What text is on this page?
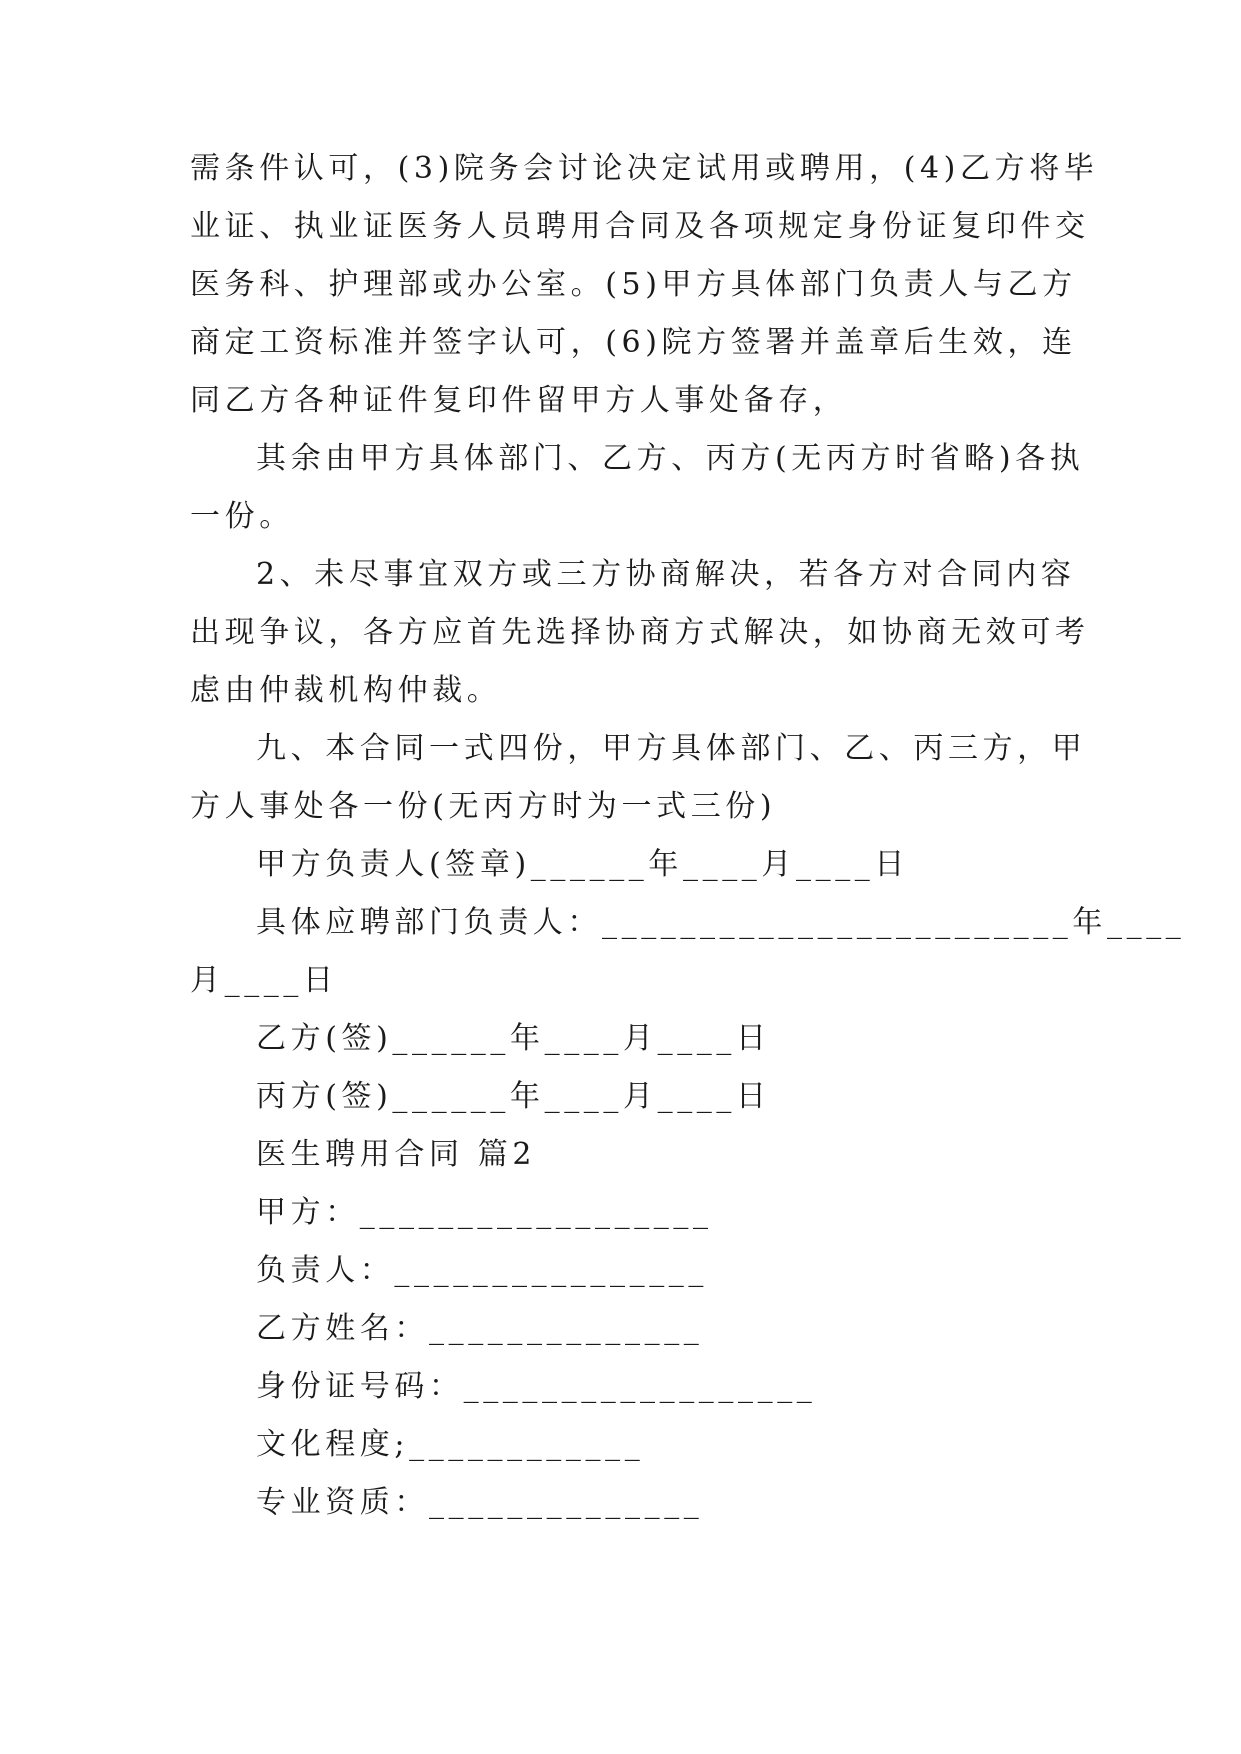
需条件认可，(3)院务会讨论决定试用或聘用，(4)乙方将毕
业证、执业证医务人员聘用合同及各项规定身份证复印件交
医务科、护理部或办公室。(5)甲方具体部门负责人与乙方
商定工资标准并签字认可，(6)院方签署并盖章后生效，连
同乙方各种证件复印件留甲方人事处备存，
其余由甲方具体部门、乙方、丙方(无丙方时省略)各执
一份。
2、未尽事宜双方或三方协商解决，若各方对合同内容
出现争议，各方应首先选择协商方式解决，如协商无效可考
虑由仲裁机构仲裁。
九、本合同一式四份，甲方具体部门、乙、丙三方，甲
方人事处各一份(无丙方时为一式三份)
甲方负责人(签章)______年____月____日
具体应聘部门负责人：________________________年____
月____日
乙方(签)______年____月____日
丙方(签)______年____月____日
医生聘用合同 篇2
甲方：__________________
负责人：________________
乙方姓名：______________
身份证号码：__________________
文化程度;____________
专业资质：______________
